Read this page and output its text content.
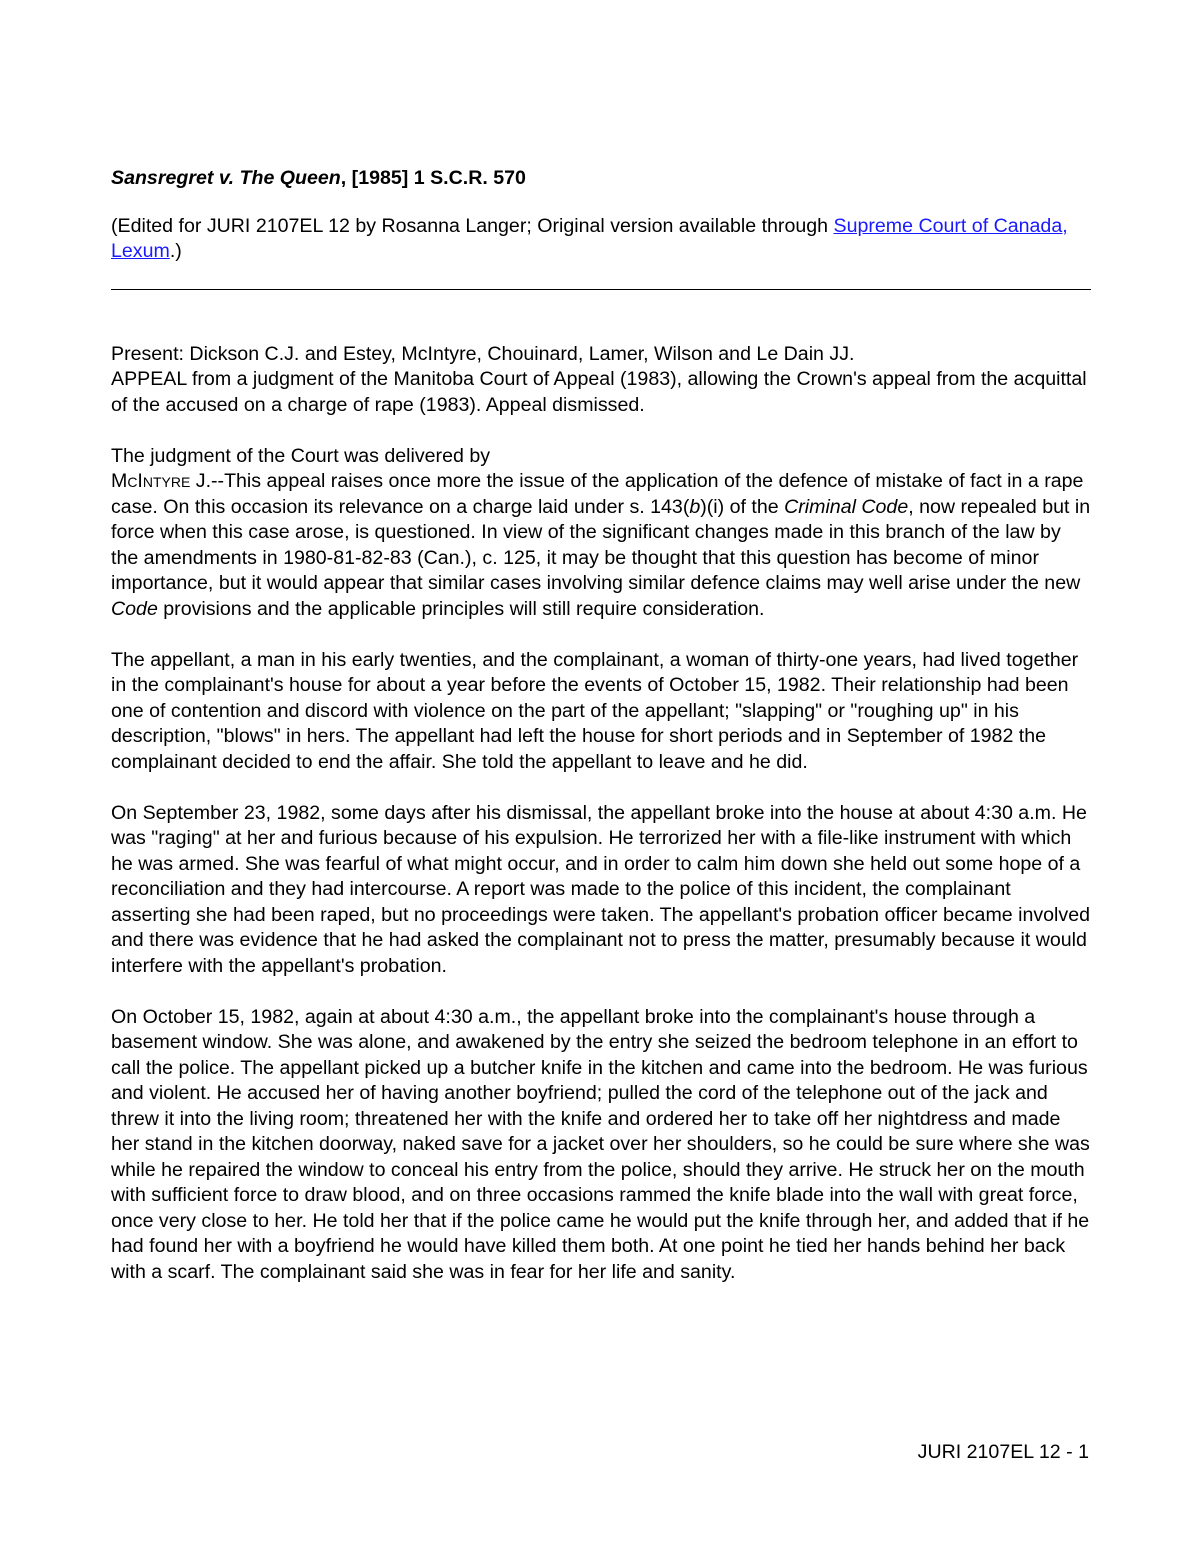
Sansregret v. The Queen, [1985] 1 S.C.R. 570

(Edited for JURI 2107EL 12 by Rosanna Langer; Original version available through Supreme Court of Canada, Lexum.)

Present: Dickson C.J. and Estey, McIntyre, Chouinard, Lamer, Wilson and Le Dain JJ.

APPEAL from a judgment of the Manitoba Court of Appeal (1983), allowing the Crown's appeal from the acquittal of the accused on a charge of rape (1983). Appeal dismissed.

The judgment of the Court was delivered by

McIntyre J.--This appeal raises once more the issue of the application of the defence of mistake of fact in a rape case. On this occasion its relevance on a charge laid under s. 143(b)(i) of the Criminal Code, now repealed but in force when this case arose, is questioned. In view of the significant changes made in this branch of the law by the amendments in 1980-81-82-83 (Can.), c. 125, it may be thought that this question has become of minor importance, but it would appear that similar cases involving similar defence claims may well arise under the new Code provisions and the applicable principles will still require consideration.

The appellant, a man in his early twenties, and the complainant, a woman of thirty-one years, had lived together in the complainant's house for about a year before the events of October 15, 1982. Their relationship had been one of contention and discord with violence on the part of the appellant; "slapping" or "roughing up" in his description, "blows" in hers. The appellant had left the house for short periods and in September of 1982 the complainant decided to end the affair. She told the appellant to leave and he did.

On September 23, 1982, some days after his dismissal, the appellant broke into the house at about 4:30 a.m. He was "raging" at her and furious because of his expulsion. He terrorized her with a file-like instrument with which he was armed. She was fearful of what might occur, and in order to calm him down she held out some hope of a reconciliation and they had intercourse. A report was made to the police of this incident, the complainant asserting she had been raped, but no proceedings were taken. The appellant's probation officer became involved and there was evidence that he had asked the complainant not to press the matter, presumably because it would interfere with the appellant's probation.

On October 15, 1982, again at about 4:30 a.m., the appellant broke into the complainant's house through a basement window. She was alone, and awakened by the entry she seized the bedroom telephone in an effort to call the police. The appellant picked up a butcher knife in the kitchen and came into the bedroom. He was furious and violent. He accused her of having another boyfriend; pulled the cord of the telephone out of the jack and threw it into the living room; threatened her with the knife and ordered her to take off her nightdress and made her stand in the kitchen doorway, naked save for a jacket over her shoulders, so he could be sure where she was while he repaired the window to conceal his entry from the police, should they arrive. He struck her on the mouth with sufficient force to draw blood, and on three occasions rammed the knife blade into the wall with great force, once very close to her. He told her that if the police came he would put the knife through her, and added that if he had found her with a boyfriend he would have killed them both. At one point he tied her hands behind her back with a scarf. The complainant said she was in fear for her life and sanity.

JURI 2107EL 12 - 1
